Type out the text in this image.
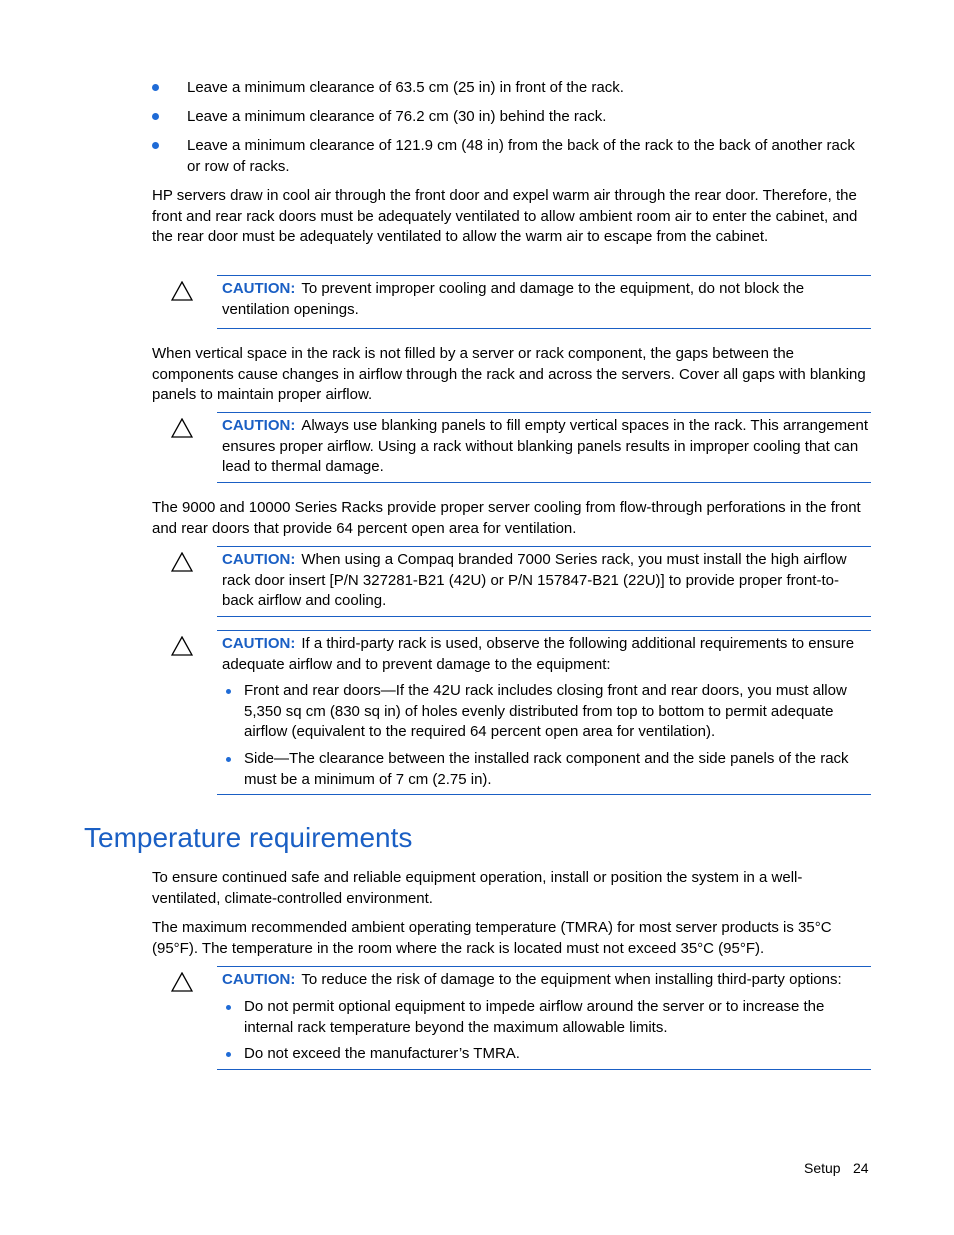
Leave a minimum clearance of 63.5 cm (25 in) in front of the rack.
Leave a minimum clearance of 76.2 cm (30 in) behind the rack.
Leave a minimum clearance of 121.9 cm (48 in) from the back of the rack to the back of another rack or row of racks.
HP servers draw in cool air through the front door and expel warm air through the rear door. Therefore, the front and rear rack doors must be adequately ventilated to allow ambient room air to enter the cabinet, and the rear door must be adequately ventilated to allow the warm air to escape from the cabinet.
CAUTION: To prevent improper cooling and damage to the equipment, do not block the ventilation openings.
When vertical space in the rack is not filled by a server or rack component, the gaps between the components cause changes in airflow through the rack and across the servers. Cover all gaps with blanking panels to maintain proper airflow.
CAUTION: Always use blanking panels to fill empty vertical spaces in the rack. This arrangement ensures proper airflow. Using a rack without blanking panels results in improper cooling that can lead to thermal damage.
The 9000 and 10000 Series Racks provide proper server cooling from flow-through perforations in the front and rear doors that provide 64 percent open area for ventilation.
CAUTION: When using a Compaq branded 7000 Series rack, you must install the high airflow rack door insert [P/N 327281-B21 (42U) or P/N 157847-B21 (22U)] to provide proper front-to-back airflow and cooling.
CAUTION: If a third-party rack is used, observe the following additional requirements to ensure adequate airflow and to prevent damage to the equipment:
Front and rear doors—If the 42U rack includes closing front and rear doors, you must allow 5,350 sq cm (830 sq in) of holes evenly distributed from top to bottom to permit adequate airflow (equivalent to the required 64 percent open area for ventilation).
Side—The clearance between the installed rack component and the side panels of the rack must be a minimum of 7 cm (2.75 in).
Temperature requirements
To ensure continued safe and reliable equipment operation, install or position the system in a well-ventilated, climate-controlled environment.
The maximum recommended ambient operating temperature (TMRA) for most server products is 35°C (95°F). The temperature in the room where the rack is located must not exceed 35°C (95°F).
CAUTION: To reduce the risk of damage to the equipment when installing third-party options:
Do not permit optional equipment to impede airflow around the server or to increase the internal rack temperature beyond the maximum allowable limits.
Do not exceed the manufacturer’s TMRA.
Setup 24
